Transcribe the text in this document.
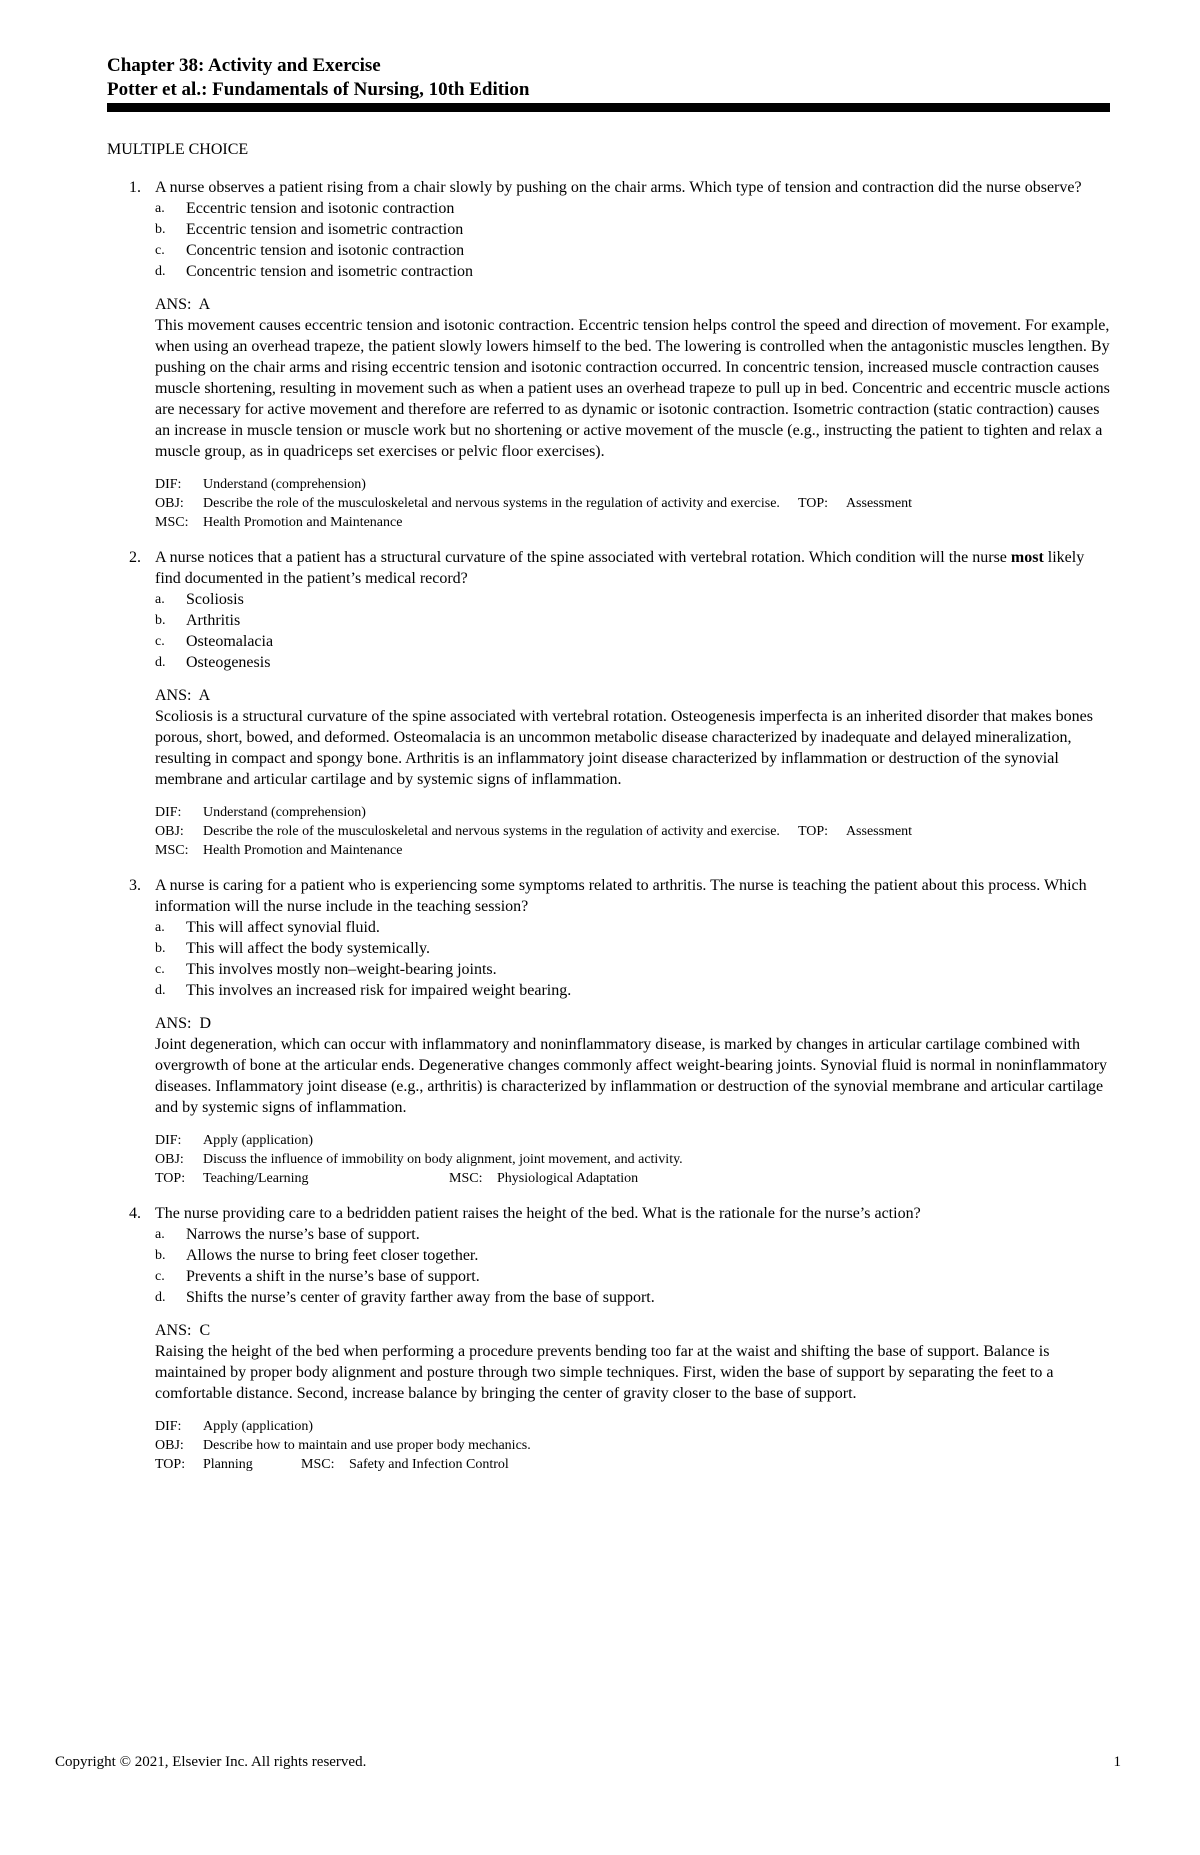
Chapter 38: Activity and Exercise
Potter et al.: Fundamentals of Nursing, 10th Edition
MULTIPLE CHOICE
1. A nurse observes a patient rising from a chair slowly by pushing on the chair arms. Which type of tension and contraction did the nurse observe?
a. Eccentric tension and isotonic contraction
b. Eccentric tension and isometric contraction
c. Concentric tension and isotonic contraction
d. Concentric tension and isometric contraction
ANS: A
This movement causes eccentric tension and isotonic contraction. Eccentric tension helps control the speed and direction of movement. For example, when using an overhead trapeze, the patient slowly lowers himself to the bed. The lowering is controlled when the antagonistic muscles lengthen. By pushing on the chair arms and rising eccentric tension and isotonic contraction occurred. In concentric tension, increased muscle contraction causes muscle shortening, resulting in movement such as when a patient uses an overhead trapeze to pull up in bed. Concentric and eccentric muscle actions are necessary for active movement and therefore are referred to as dynamic or isotonic contraction. Isometric contraction (static contraction) causes an increase in muscle tension or muscle work but no shortening or active movement of the muscle (e.g., instructing the patient to tighten and relax a muscle group, as in quadriceps set exercises or pelvic floor exercises).
DIF: Understand (comprehension)
OBJ: Describe the role of the musculoskeletal and nervous systems in the regulation of activity and exercise. TOP: Assessment
MSC: Health Promotion and Maintenance
2. A nurse notices that a patient has a structural curvature of the spine associated with vertebral rotation. Which condition will the nurse most likely find documented in the patient’s medical record?
a. Scoliosis
b. Arthritis
c. Osteomalacia
d. Osteogenesis
ANS: A
Scoliosis is a structural curvature of the spine associated with vertebral rotation. Osteogenesis imperfecta is an inherited disorder that makes bones porous, short, bowed, and deformed. Osteomalacia is an uncommon metabolic disease characterized by inadequate and delayed mineralization, resulting in compact and spongy bone. Arthritis is an inflammatory joint disease characterized by inflammation or destruction of the synovial membrane and articular cartilage and by systemic signs of inflammation.
DIF: Understand (comprehension)
OBJ: Describe the role of the musculoskeletal and nervous systems in the regulation of activity and exercise. TOP: Assessment
MSC: Health Promotion and Maintenance
3. A nurse is caring for a patient who is experiencing some symptoms related to arthritis. The nurse is teaching the patient about this process. Which information will the nurse include in the teaching session?
a. This will affect synovial fluid.
b. This will affect the body systemically.
c. This involves mostly non–weight-bearing joints.
d. This involves an increased risk for impaired weight bearing.
ANS: D
Joint degeneration, which can occur with inflammatory and noninflammatory disease, is marked by changes in articular cartilage combined with overgrowth of bone at the articular ends. Degenerative changes commonly affect weight-bearing joints. Synovial fluid is normal in noninflammatory diseases. Inflammatory joint disease (e.g., arthritis) is characterized by inflammation or destruction of the synovial membrane and articular cartilage and by systemic signs of inflammation.
DIF: Apply (application)
OBJ: Discuss the influence of immobility on body alignment, joint movement, and activity.
TOP: Teaching/Learning	MSC: Physiological Adaptation
4. The nurse providing care to a bedridden patient raises the height of the bed. What is the rationale for the nurse’s action?
a. Narrows the nurse’s base of support.
b. Allows the nurse to bring feet closer together.
c. Prevents a shift in the nurse’s base of support.
d. Shifts the nurse’s center of gravity farther away from the base of support.
ANS: C
Raising the height of the bed when performing a procedure prevents bending too far at the waist and shifting the base of support. Balance is maintained by proper body alignment and posture through two simple techniques. First, widen the base of support by separating the feet to a comfortable distance. Second, increase balance by bringing the center of gravity closer to the base of support.
DIF: Apply (application)
OBJ: Describe how to maintain and use proper body mechanics.
TOP: Planning	MSC: Safety and Infection Control
Copyright © 2021, Elsevier Inc. All rights reserved.	1
